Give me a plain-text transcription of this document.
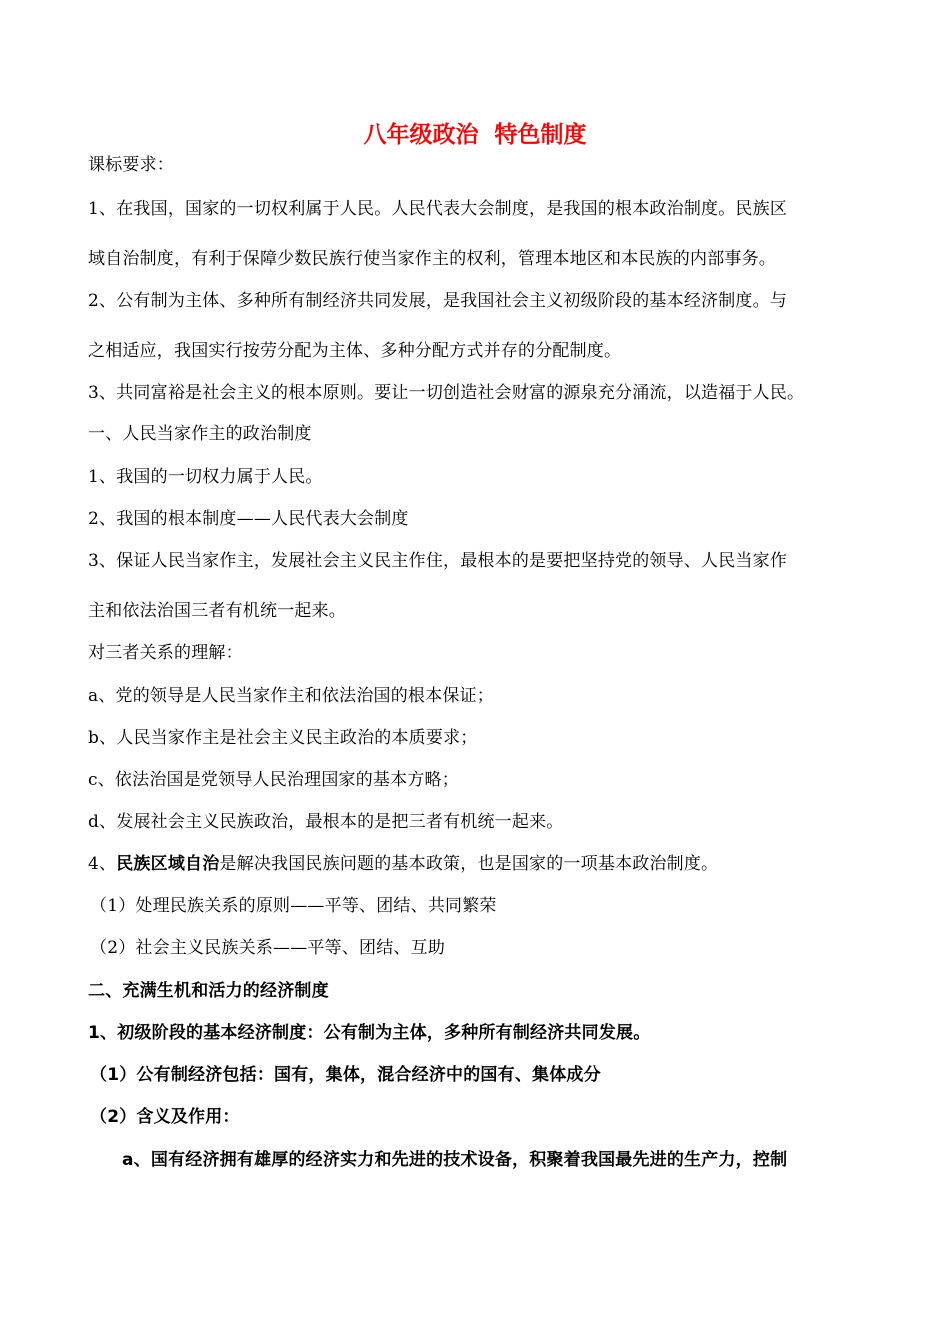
八年级政治  特色制度
课标要求：
1、在我国，国家的一切权利属于人民。人民代表大会制度，是我国的根本政治制度。民族区
域自治制度，有利于保障少数民族行使当家作主的权利，管理本地区和本民族的内部事务。
2、公有制为主体、多种所有制经济共同发展，是我国社会主义初级阶段的基本经济制度。与
之相适应，我国实行按劳分配为主体、多种分配方式并存的分配制度。
3、共同富裕是社会主义的根本原则。要让一切创造社会财富的源泉充分涌流，以造福于人民。
一、人民当家作主的政治制度
1、我国的一切权力属于人民。
2、我国的根本制度——人民代表大会制度
3、保证人民当家作主，发展社会主义民主作住，最根本的是要把坚持党的领导、人民当家作
主和依法治国三者有机统一起来。
对三者关系的理解：
a、党的领导是人民当家作主和依法治国的根本保证；
b、人民当家作主是社会主义民主政治的本质要求；
c、依法治国是党领导人民治理国家的基本方略；
d、发展社会主义民族政治，最根本的是把三者有机统一起来。
4、民族区域自治是解决我国民族问题的基本政策，也是国家的一项基本政治制度。
（1）处理民族关系的原则——平等、团结、共同繁荣
（2）社会主义民族关系——平等、团结、互助
二、充满生机和活力的经济制度
1、初级阶段的基本经济制度：公有制为主体，多种所有制经济共同发展。
（1）公有制经济包括：国有，集体，混合经济中的国有、集体成分
（2）含义及作用：
a、国有经济拥有雄厚的经济实力和先进的技术设备，积聚着我国最先进的生产力，控制
